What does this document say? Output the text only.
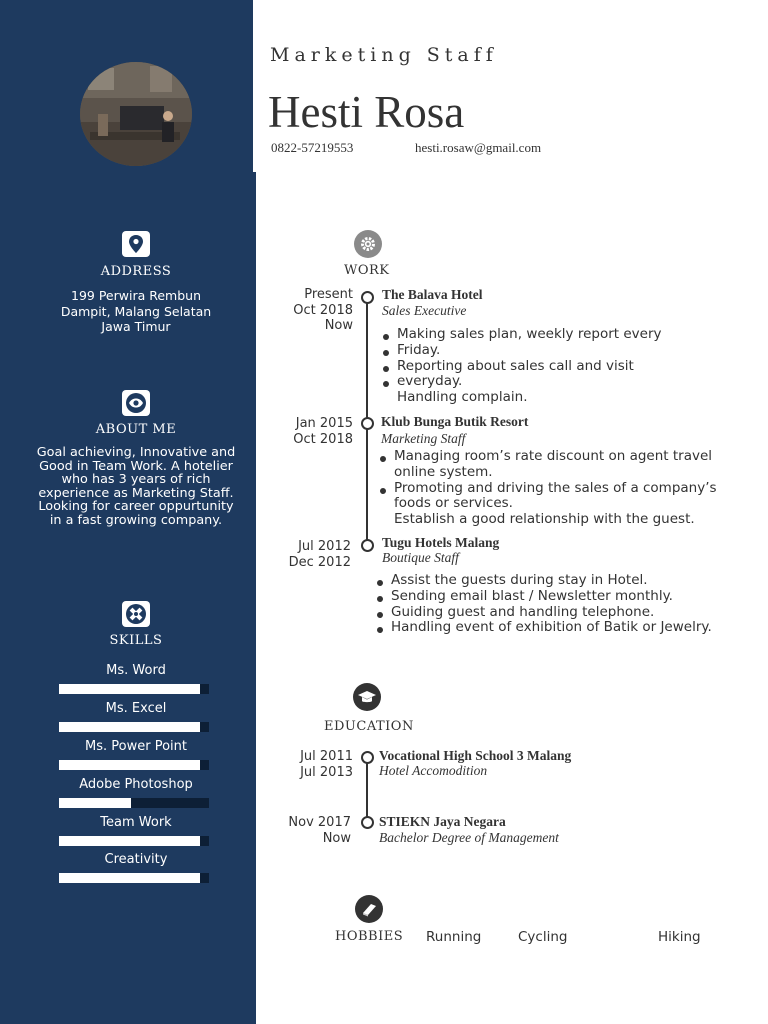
ADDRESS
199 Perwira Rembun
Dampit, Malang Selatan
Jawa Timur
ABOUT ME
Goal achieving, Innovative and Good in Team Work. A hotelier who has 3 years of rich experience as Marketing Staff. Looking for career oppurtunity in a fast growing company.
SKILLS
Ms. Word
Ms. Excel
Ms. Power Point
Adobe Photoshop
Team Work
Creativity
Marketing Staff
Hesti Rosa
0822-57219553	hesti.rosaw@gmail.com
WORK
Present
Oct 2018
Now
The Balava Hotel
Sales Executive
Making sales plan, weekly report every
Friday.
Reporting about sales call and visit
everyday.
Handling complain.
Jan 2015
Oct 2018
Klub Bunga Butik Resort
Marketing Staff
Managing room’s rate discount on agent travel
online system.
Promoting and driving the sales of a company’s
foods or services.
Establish a good relationship with the guest.
Jul 2012
Dec 2012
Tugu Hotels Malang
Boutique Staff
Assist the guests during stay in Hotel.
Sending email blast / Newsletter monthly.
Guiding guest and handling telephone.
Handling event of exhibition of Batik or Jewelry.
EDUCATION
Jul 2011
Jul 2013
Vocational High School 3 Malang
Hotel Accomodition
Nov 2017
Now
STIEKN Jaya Negara
Bachelor Degree of Management
HOBBIES Running	Cycling	Hiking
